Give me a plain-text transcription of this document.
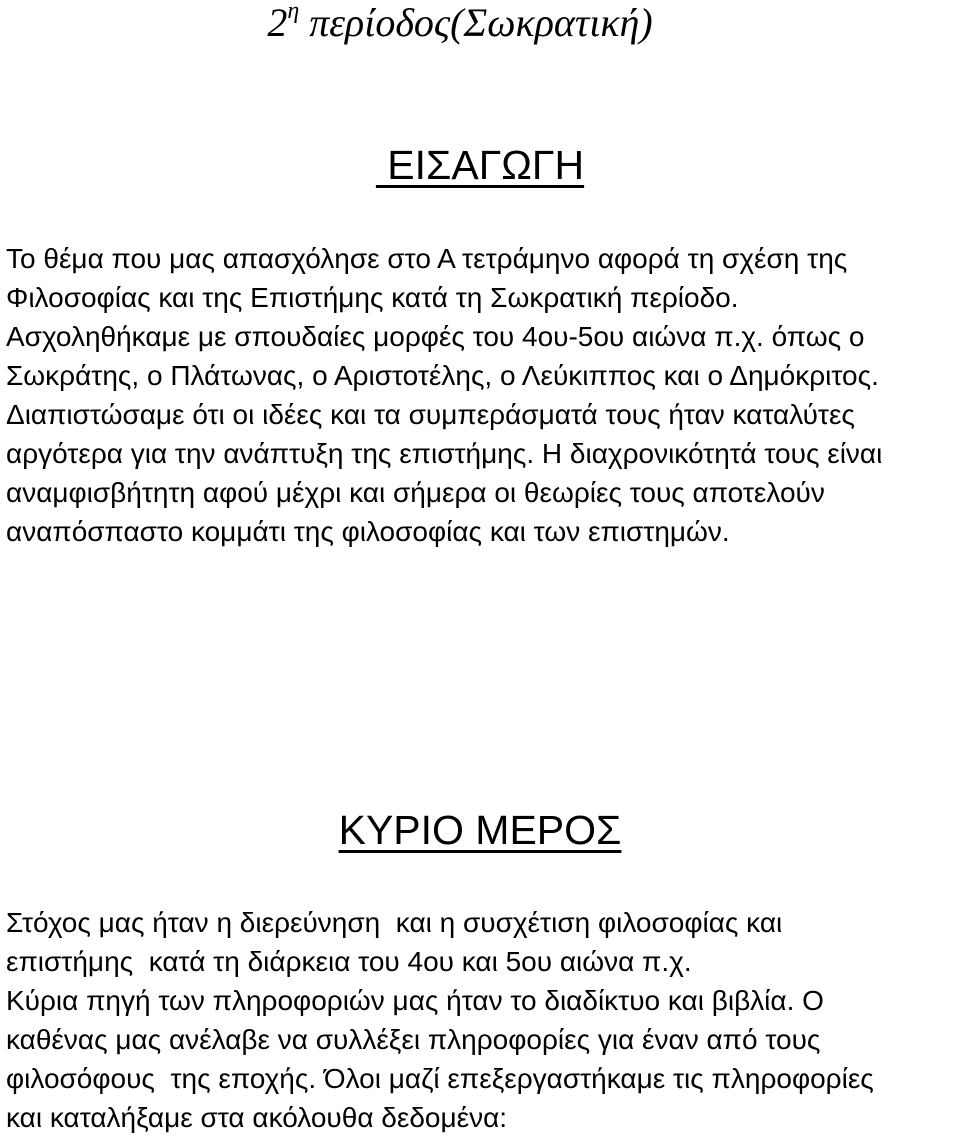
$2^\eta$ περίοδος(Σωκρατική)
ΕΙΣΑΓΩΓΗ
Το θέμα που μας απασχόλησε στο Α τετράμηνο αφορά τη σχέση της
Φιλοσοφίας και της Επιστήμης κατά τη Σωκρατική περίοδο.
Ασχοληθήκαμε με σπουδαίες μορφές του 4ου-5ου αιώνα π.χ. όπως ο
Σωκράτης, ο Πλάτωνας, ο Αριστοτέλης, ο Λεύκιππος και ο Δημόκριτος.
Διαπιστώσαμε ότι οι ιδέες και τα συμπεράσματά τους ήταν καταλύτες
αργότερα για την ανάπτυξη της επιστήμης. Η διαχρονικότητά τους είναι
αναμφισβήτητη αφού μέχρι και σήμερα οι θεωρίες τους αποτελούν
αναπόσπαστο κομμάτι της φιλοσοφίας και των επιστημών.
ΚΥΡΙΟ ΜΕΡΟΣ
Στόχος μας ήταν η διερεύνηση  και η συσχέτιση φιλοσοφίας και
επιστήμης  κατά τη διάρκεια του 4ου και 5ου αιώνα π.χ.
Κύρια πηγή των πληροφοριών μας ήταν το διαδίκτυο και βιβλία. Ο
καθένας μας ανέλαβε να συλλέξει πληροφορίες για έναν από τους
φιλοσόφους  της εποχής. Όλοι μαζί επεξεργαστήκαμε τις πληροφορίες
και καταλήξαμε στα ακόλουθα δεδομένα:
